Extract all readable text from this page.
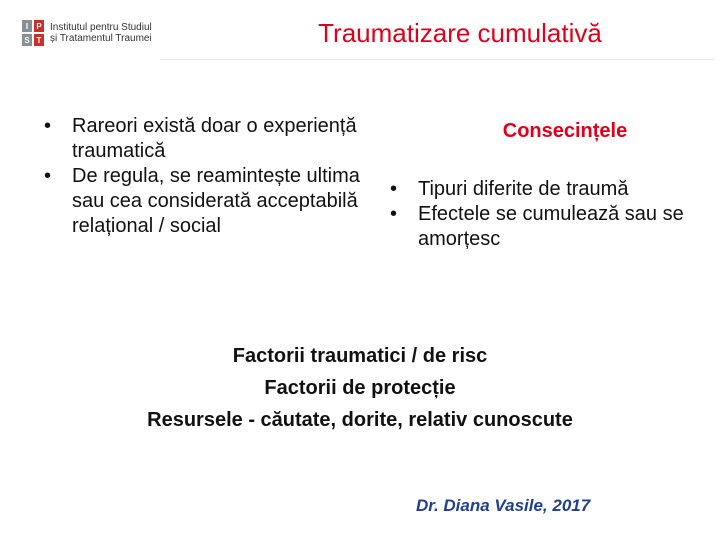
I	P
S T
Institutul pentru Studiul
și Tratamentul Traumei	Traumatizare cumulativă
• Rareori există doar o experiență traumatică
• De regula, se reamintește ultima sau cea considerată acceptabilă relațional / social
Consecințele
• Tipuri diferite de traumă
• Efectele se cumulează sau se amorțesc
Factorii traumatici / de risc
Factorii de protecție
Resursele - căutate, dorite, relativ cunoscute
Dr. Diana Vasile, 2017
